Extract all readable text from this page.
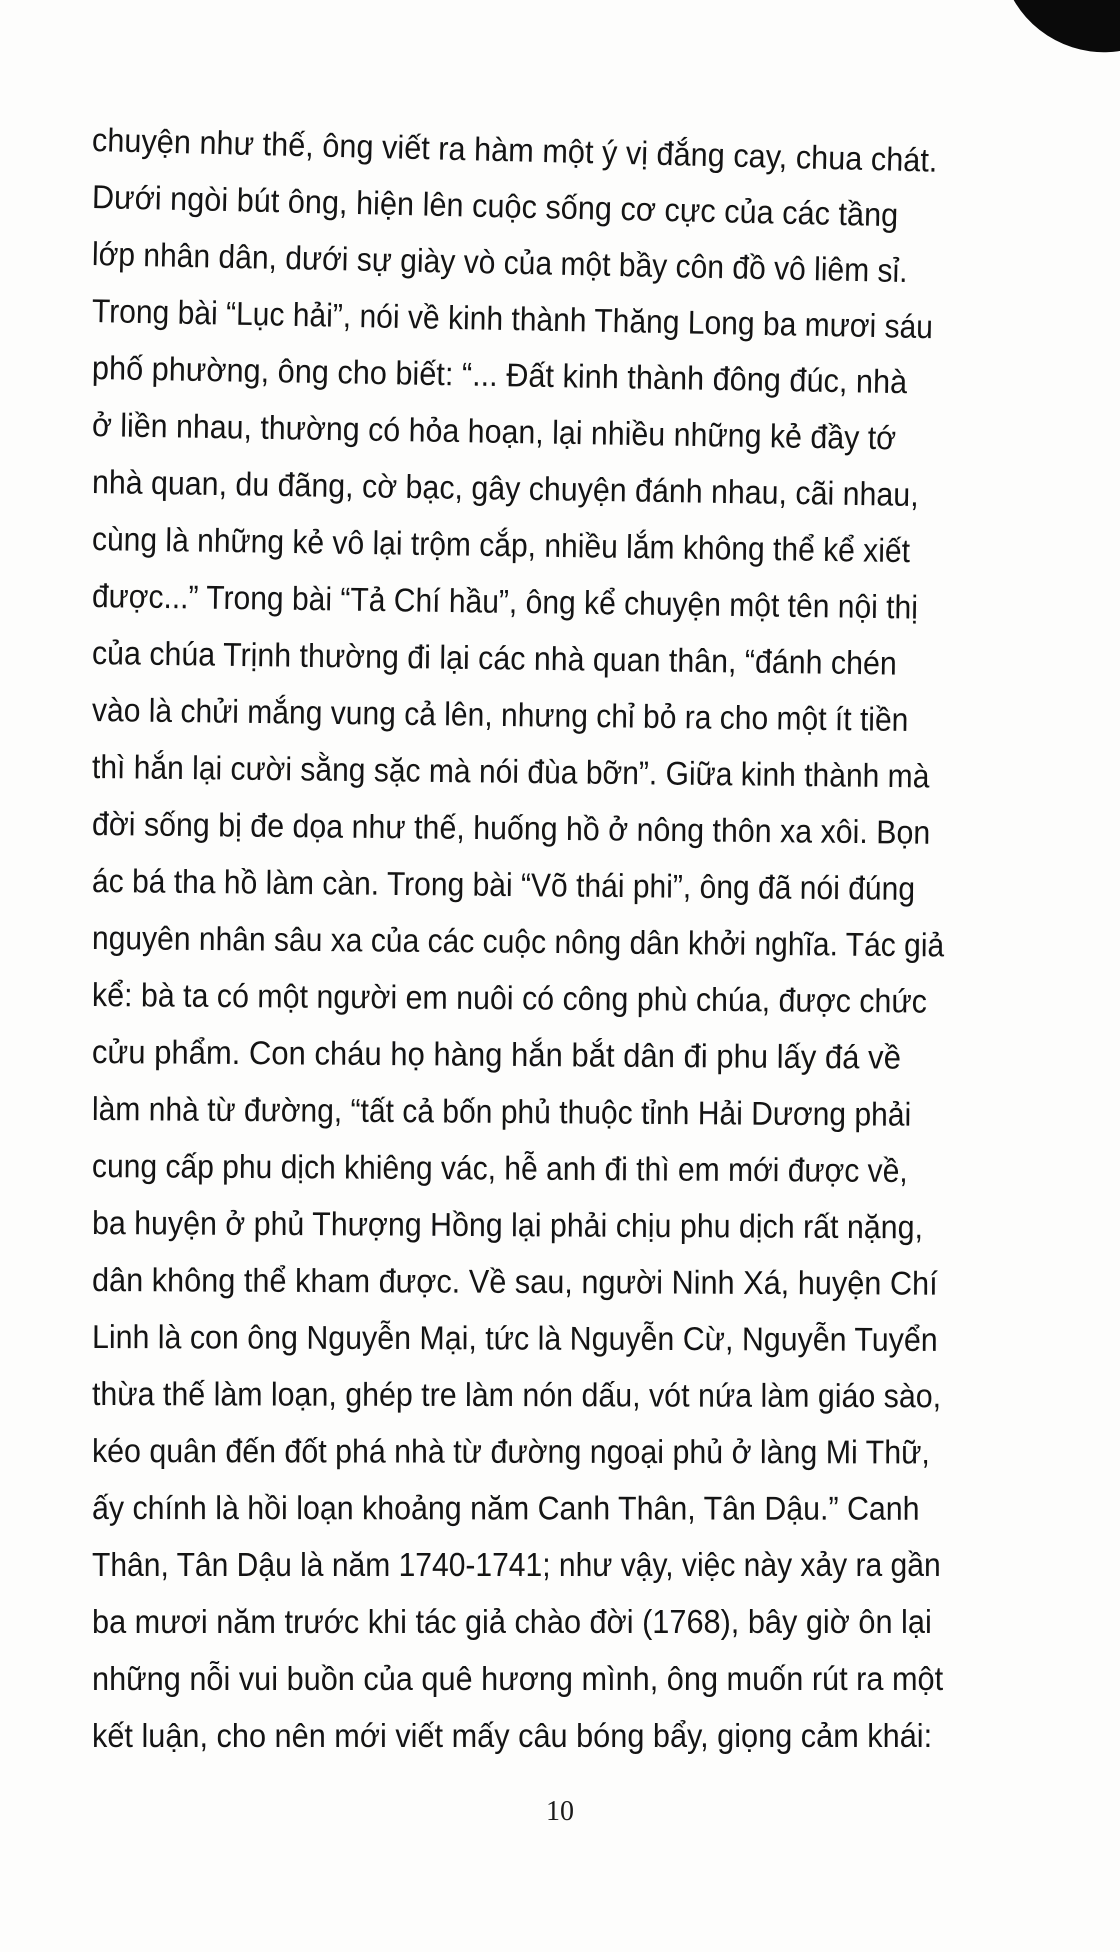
chuyện như thế, ông viết ra hàm một ý vị đắng cay, chua chát.
Dưới ngòi bút ông, hiện lên cuộc sống cơ cực của các tầng
lớp nhân dân, dưới sự giày vò của một bầy côn đồ vô liêm sỉ.
Trong bài “Lục hải”, nói về kinh thành Thăng Long ba mươi sáu
phố phường, ông cho biết: “... Đất kinh thành đông đúc, nhà
ở liền nhau, thường có hỏa hoạn, lại nhiều những kẻ đầy tớ
nhà quan, du đãng, cờ bạc, gây chuyện đánh nhau, cãi nhau,
cùng là những kẻ vô lại trộm cắp, nhiều lắm không thể kể xiết
được...” Trong bài “Tả Chí hầu”, ông kể chuyện một tên nội thị
của chúa Trịnh thường đi lại các nhà quan thân, “đánh chén
vào là chửi mắng vung cả lên, nhưng chỉ bỏ ra cho một ít tiền
thì hắn lại cười sằng sặc mà nói đùa bỡn”. Giữa kinh thành mà
đời sống bị đe dọa như thế, huống hồ ở nông thôn xa xôi. Bọn
ác bá tha hồ làm càn. Trong bài “Võ thái phi”, ông đã nói đúng
nguyên nhân sâu xa của các cuộc nông dân khởi nghĩa. Tác giả
kể: bà ta có một người em nuôi có công phù chúa, được chức
cửu phẩm. Con cháu họ hàng hắn bắt dân đi phu lấy đá về
làm nhà từ đường, “tất cả bốn phủ thuộc tỉnh Hải Dương phải
cung cấp phu dịch khiêng vác, hễ anh đi thì em mới được về,
ba huyện ở phủ Thượng Hồng lại phải chịu phu dịch rất nặng,
dân không thể kham được. Về sau, người Ninh Xá, huyện Chí
Linh là con ông Nguyễn Mại, tức là Nguyễn Cừ, Nguyễn Tuyển
thừa thế làm loạn, ghép tre làm nón dấu, vót nứa làm giáo sào,
kéo quân đến đốt phá nhà từ đường ngoại phủ ở làng Mi Thữ,
ấy chính là hồi loạn khoảng năm Canh Thân, Tân Dậu.” Canh
Thân, Tân Dậu là năm 1740-1741; như vậy, việc này xảy ra gần
ba mươi năm trước khi tác giả chào đời (1768), bây giờ ôn lại
những nỗi vui buồn của quê hương mình, ông muốn rút ra một
kết luận, cho nên mới viết mấy câu bóng bẩy, giọng cảm khái:
10
